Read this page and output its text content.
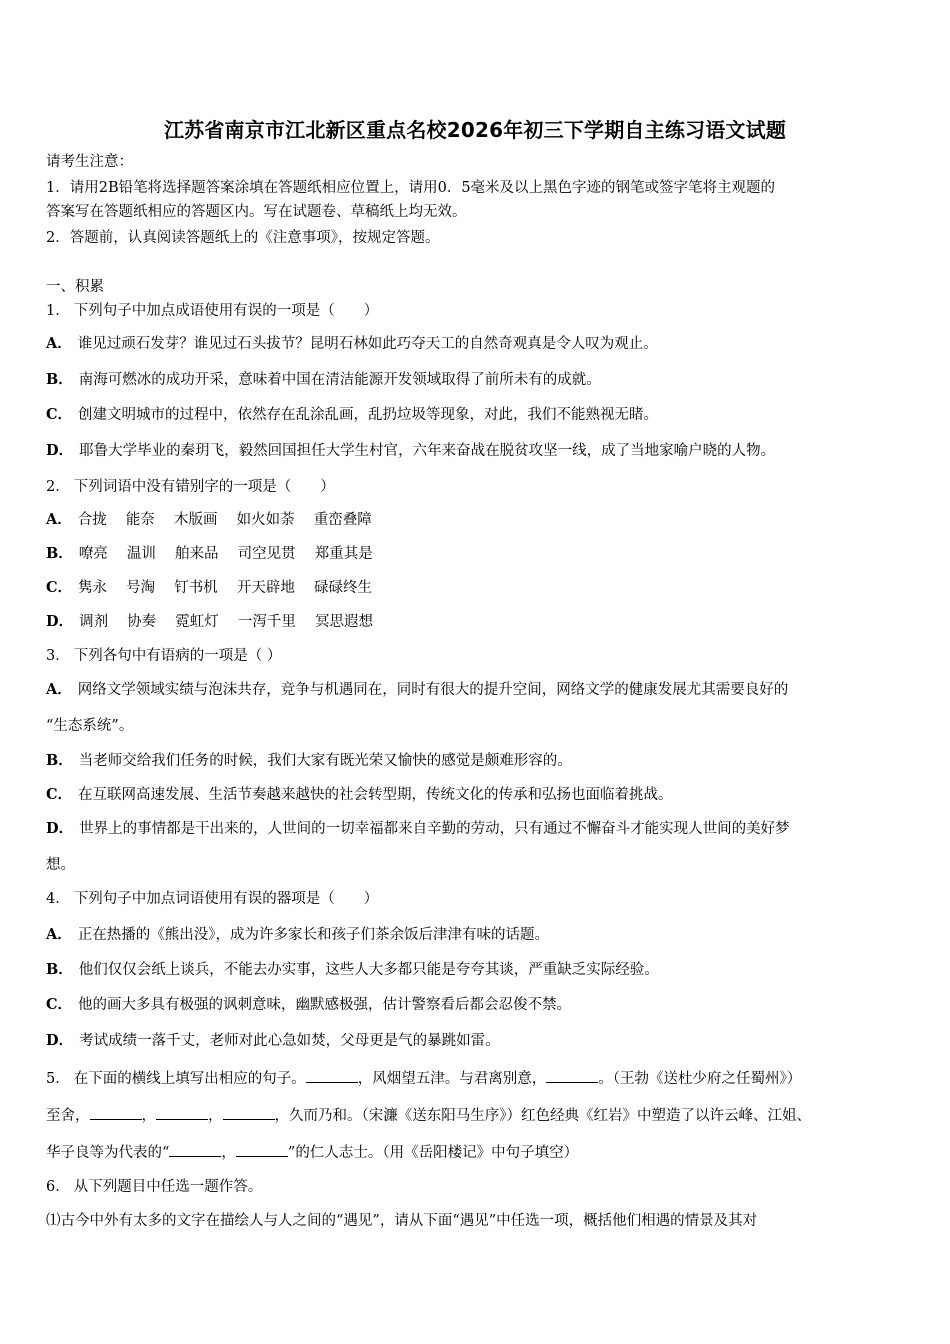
江苏省南京市江北新区重点名校2026年初三下学期自主练习语文试题
请考生注意：
1．请用2B铅笔将选择题答案涂填在答题纸相应位置上，请用0．5毫米及以上黑色字迹的钢笔或签字笔将主观题的
答案写在答题纸相应的答题区内。写在试题卷、草稿纸上均无效。
2．答题前，认真阅读答题纸上的《注意事项》，按规定答题。
一、积累
1． 下列句子中加点成语使用有误的一项是（　　）
A． 谁见过顽石发芽？谁见过石头拔节？昆明石林如此巧夺天工的自然奇观真是令人叹为观止。
B． 南海可燃冰的成功开采，意味着中国在清洁能源开发领域取得了前所未有的成就。
C． 创建文明城市的过程中，依然存在乱涂乱画，乱扔垃圾等现象，对此，我们不能熟视无睹。
D． 耶鲁大学毕业的秦玥飞，毅然回国担任大学生村官，六年来奋战在脱贫攻坚一线，成了当地家喻户晓的人物。
2． 下列词语中没有错别字的一项是（　　）
A． 合拢　 能奈　 木版画　 如火如荼　 重峦叠障
B． 嘹亮　 温训　 舶来品　 司空见贯　 郑重其是
C． 隽永　 号淘　 钉书机　 开天辟地　 碌碌终生
D． 调剂　 协奏　 霓虹灯　 一泻千里　 冥思遐想
3． 下列各句中有语病的一项是（ ）
A． 网络文学领域实绩与泡沫共存，竞争与机遇同在，同时有很大的提升空间，网络文学的健康发展尤其需要良好的
“生态系统”。
B． 当老师交给我们任务的时候，我们大家有既光荣又愉快的感觉是颇难形容的。
C． 在互联网高速发展、生活节奏越来越快的社会转型期，传统文化的传承和弘扬也面临着挑战。
D． 世界上的事情都是干出来的，人世间的一切幸福都来自辛勤的劳动，只有通过不懈奋斗才能实现人世间的美好梦
想。
4． 下列句子中加点词语使用有误的器项是（　　）
A． 正在热播的《熊出没》，成为许多家长和孩子们茶余饭后津津有味的话题。
B． 他们仅仅会纸上谈兵，不能去办实事，这些人大多都只能是夸夸其谈，严重缺乏实际经验。
C． 他的画大多具有极强的讽刺意味，幽默感极强，估计警察看后都会忍俊不禁。
D． 考试成绩一落千丈，老师对此心急如焚，父母更是气的暴跳如雷。
5． 在下面的横线上填写出相应的句子。	，风烟望五津。与君离别意，	。（王勃《送杜少府之任蜀州》）
至舍，	，	，	，久而乃和。（宋濂《送东阳马生序》）红色经典《红岩》中塑造了以许云峰、江姐、
华子良等为代表的“	，	”的仁人志士。（用《岳阳楼记》中句子填空）
6． 从下列题目中任选一题作答。
⑴古今中外有太多的文字在描绘人与人之间的“遇见”，请从下面“遇见”中任选一项，概括他们相遇的情景及其对
